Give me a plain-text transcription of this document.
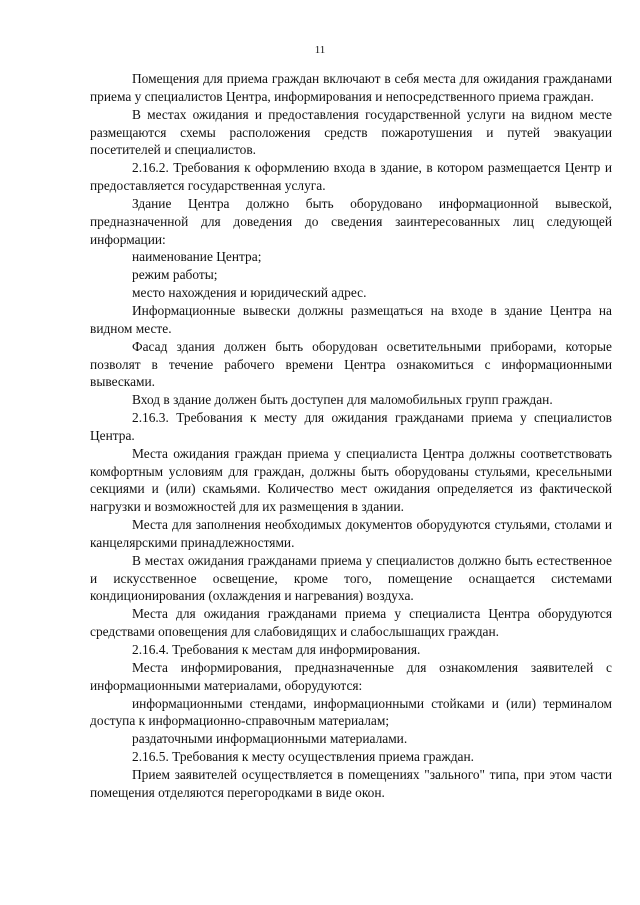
11

Помещения для приема граждан включают в себя места для ожидания гражданами приема у специалистов Центра, информирования и непосредственного приема граждан.

В местах ожидания и предоставления государственной услуги на видном месте размещаются схемы расположения средств пожаротушения и путей эвакуации посетителей и специалистов.

2.16.2. Требования к оформлению входа в здание, в котором размещается Центр и предоставляется государственная услуга.

Здание Центра должно быть оборудовано информационной вывеской, предназначенной для доведения до сведения заинтересованных лиц следующей информации:

наименование Центра;

режим работы;

место нахождения и юридический адрес.

Информационные вывески должны размещаться на входе в здание Центра на видном месте.

Фасад здания должен быть оборудован осветительными приборами, которые позволят в течение рабочего времени Центра ознакомиться с информационными вывесками.

Вход в здание должен быть доступен для маломобильных групп граждан.

2.16.3. Требования к месту для ожидания гражданами приема у специалистов Центра.

Места ожидания граждан приема у специалиста Центра должны соответствовать комфортным условиям для граждан, должны быть оборудованы стульями, кресельными секциями и (или) скамьями. Количество мест ожидания определяется из фактической нагрузки и возможностей для их размещения в здании.

Места для заполнения необходимых документов оборудуются стульями, столами и канцелярскими принадлежностями.

В местах ожидания гражданами приема у специалистов должно быть естественное и искусственное освещение, кроме того, помещение оснащается системами кондиционирования (охлаждения и нагревания) воздуха.

Места для ожидания гражданами приема у специалиста Центра оборудуются средствами оповещения для слабовидящих и слабослышащих граждан.

2.16.4. Требования к местам для информирования.

Места информирования, предназначенные для ознакомления заявителей с информационными материалами, оборудуются:

информационными стендами, информационными стойками и (или) терминалом доступа к информационно-справочным материалам;

раздаточными информационными материалами.

2.16.5. Требования к месту осуществления приема граждан.

Прием заявителей осуществляется в помещениях "зального" типа, при этом части помещения отделяются перегородками в виде окон.
